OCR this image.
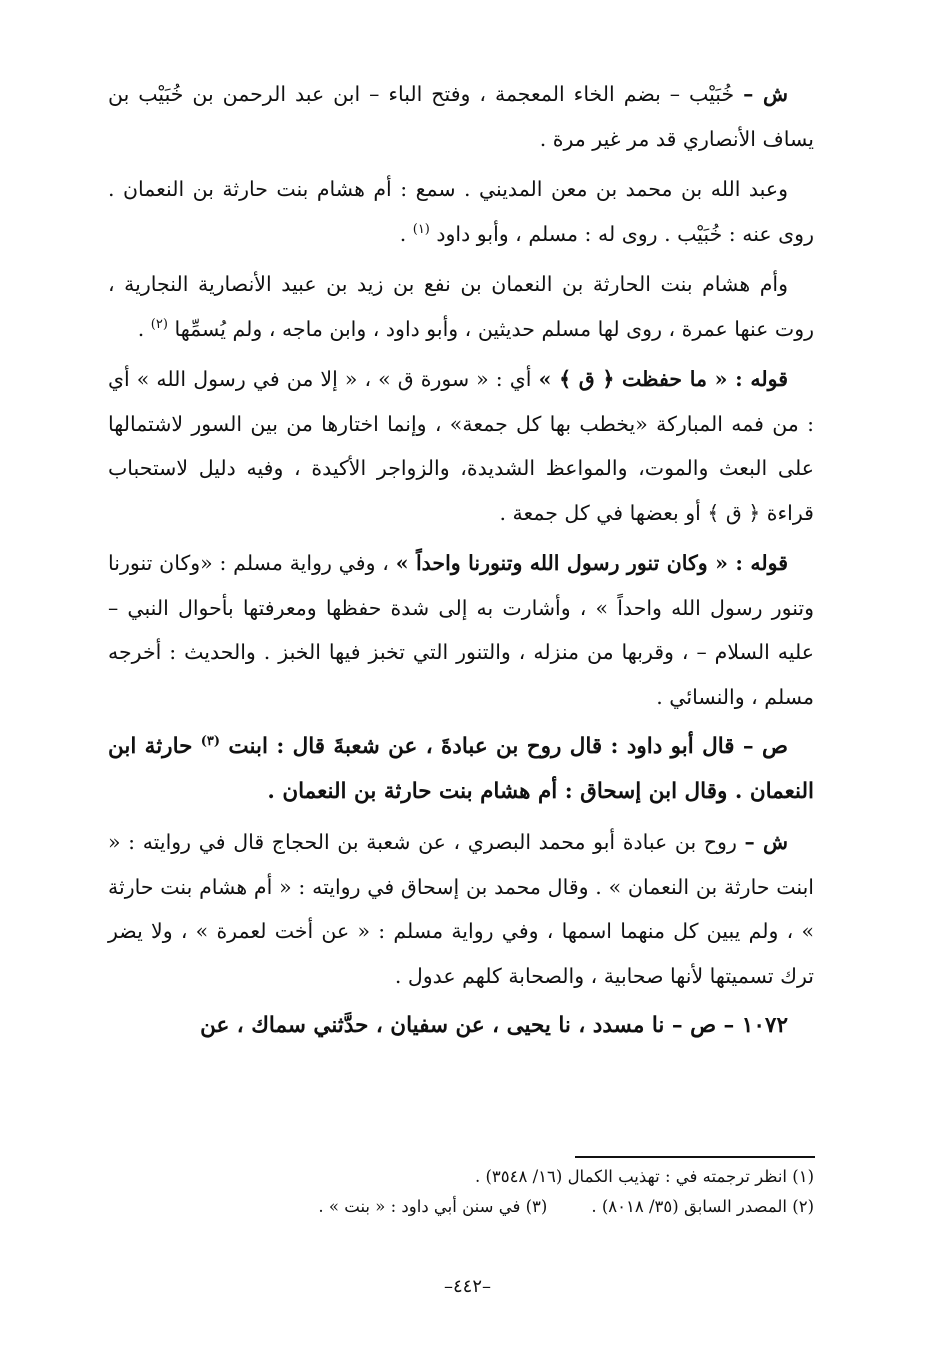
ش – خُبَيْب – بضم الخاء المعجمة ، وفتح الباء – ابن عبد الرحمن بن خُبَيْب بن يساف الأنصاري قد مر غير مرة .

وعبد الله بن محمد بن معن المديني . سمع : أم هشام بنت حارثة بن النعمان . روى عنه : خُبَيْب . روى له : مسلم ، وأبو داود $^{(١)}$ .

وأم هشام بنت الحارثة بن النعمان بن نفع بن زيد بن عبيد الأنصارية النجارية ، روت عنها عمرة ، روى لها مسلم حديثين ، وأبو داود ، وابن ماجه ، ولم يُسمِّها $^{(٢)}$ .

قوله : « ما حفظت ﴿ ق ﴾ » أي : « سورة ق » ، « إلا من في رسول الله » أي : من فمه المباركة «يخطب بها كل جمعة» ، وإنما اختارها من بين السور لاشتمالها على البعث والموت، والمواعظ الشديدة، والزواجر الأكيدة ، وفيه دليل لاستحباب قراءة ﴿ ق ﴾ أو بعضها في كل جمعة .

قوله : « وكان تنور رسول الله وتنورنا واحداً » ، وفي رواية مسلم : «وكان تنورنا وتنور رسول الله واحداً » ، وأشارت به إلى شدة حفظها ومعرفتها بأحوال النبي – عليه السلام – ، وقربها من منزله ، والتنور التي تخبز فيها الخبز . والحديث : أخرجه مسلم ، والنسائي .

ص – قال أبو داود : قال روح بن عبادةَ ، عن شعبةَ قال : ابنت $^{(٣)}$ حارثة ابن النعمان . وقال ابن إسحاق : أم هشام بنت حارثة بن النعمان .

ش – روح بن عبادة أبو محمد البصري ، عن شعبة بن الحجاج قال في روايته : « ابنت حارثة بن النعمان » . وقال محمد بن إسحاق في روايته : « أم هشام بنت حارثة » ، ولم يبين كل منهما اسمها ، وفي رواية مسلم : « عن أخت لعمرة » ، ولا يضر ترك تسميتها لأنها صحابية ، والصحابة كلهم عدول .

١٠٧٢ – ص – نا مسدد ، نا يحيى ، عن سفيان ، حدَّثني سماك ، عن

(١) انظر ترجمته في : تهذيب الكمال (١٦/ ٣٥٤٨) .

(٢) المصدر السابق (٣٥/ ٨٠١٨) .(٣) في سنن أبي داود : « بنت » .

–٤٤٢–
